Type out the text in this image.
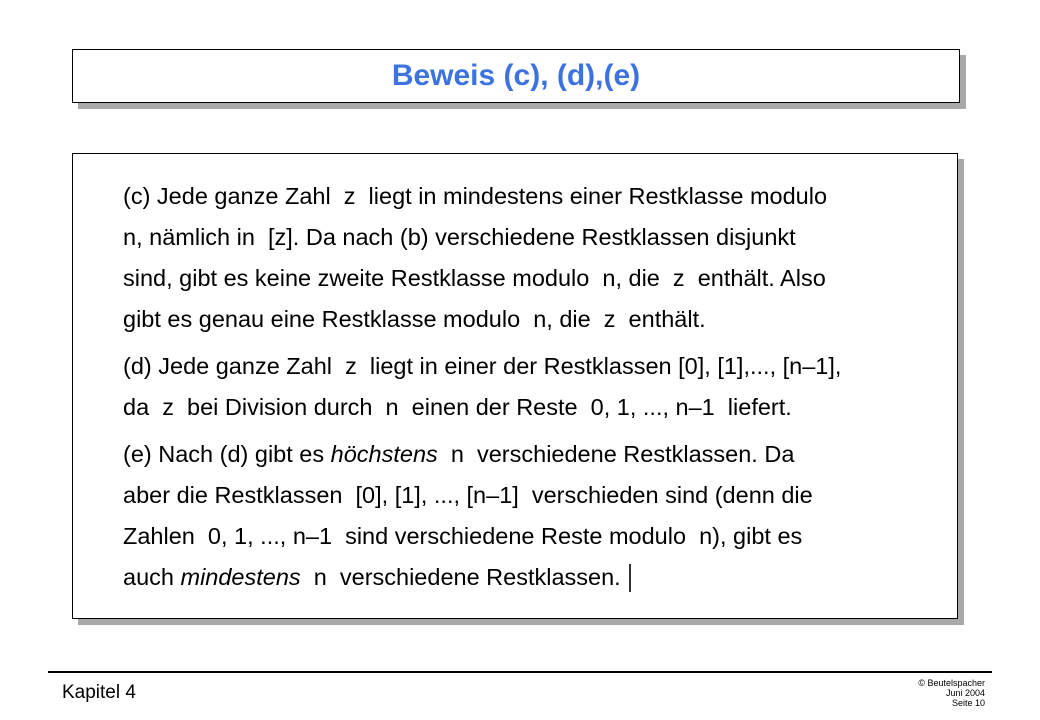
Beweis (c), (d),(e)
(c) Jede ganze Zahl  z  liegt in mindestens einer Restklasse modulo
n, nämlich in  [z]. Da nach (b) verschiedene Restklassen disjunkt
sind, gibt es keine zweite Restklasse modulo  n, die  z  enthält. Also
gibt es genau eine Restklasse modulo  n, die  z  enthält.
(d) Jede ganze Zahl  z  liegt in einer der Restklassen [0], [1],..., [n–1],
da  z  bei Division durch  n  einen der Reste  0, 1, ..., n–1  liefert.
(e) Nach (d) gibt es höchstens  n  verschiedene Restklassen. Da
aber die Restklassen  [0], [1], ..., [n–1]  verschieden sind (denn die
Zahlen  0, 1, ..., n–1  sind verschiedene Reste modulo  n), gibt es
auch mindestens  n  verschiedene Restklassen.
Kapitel 4	© Beutelspacher
Juni 2004
Seite 10
